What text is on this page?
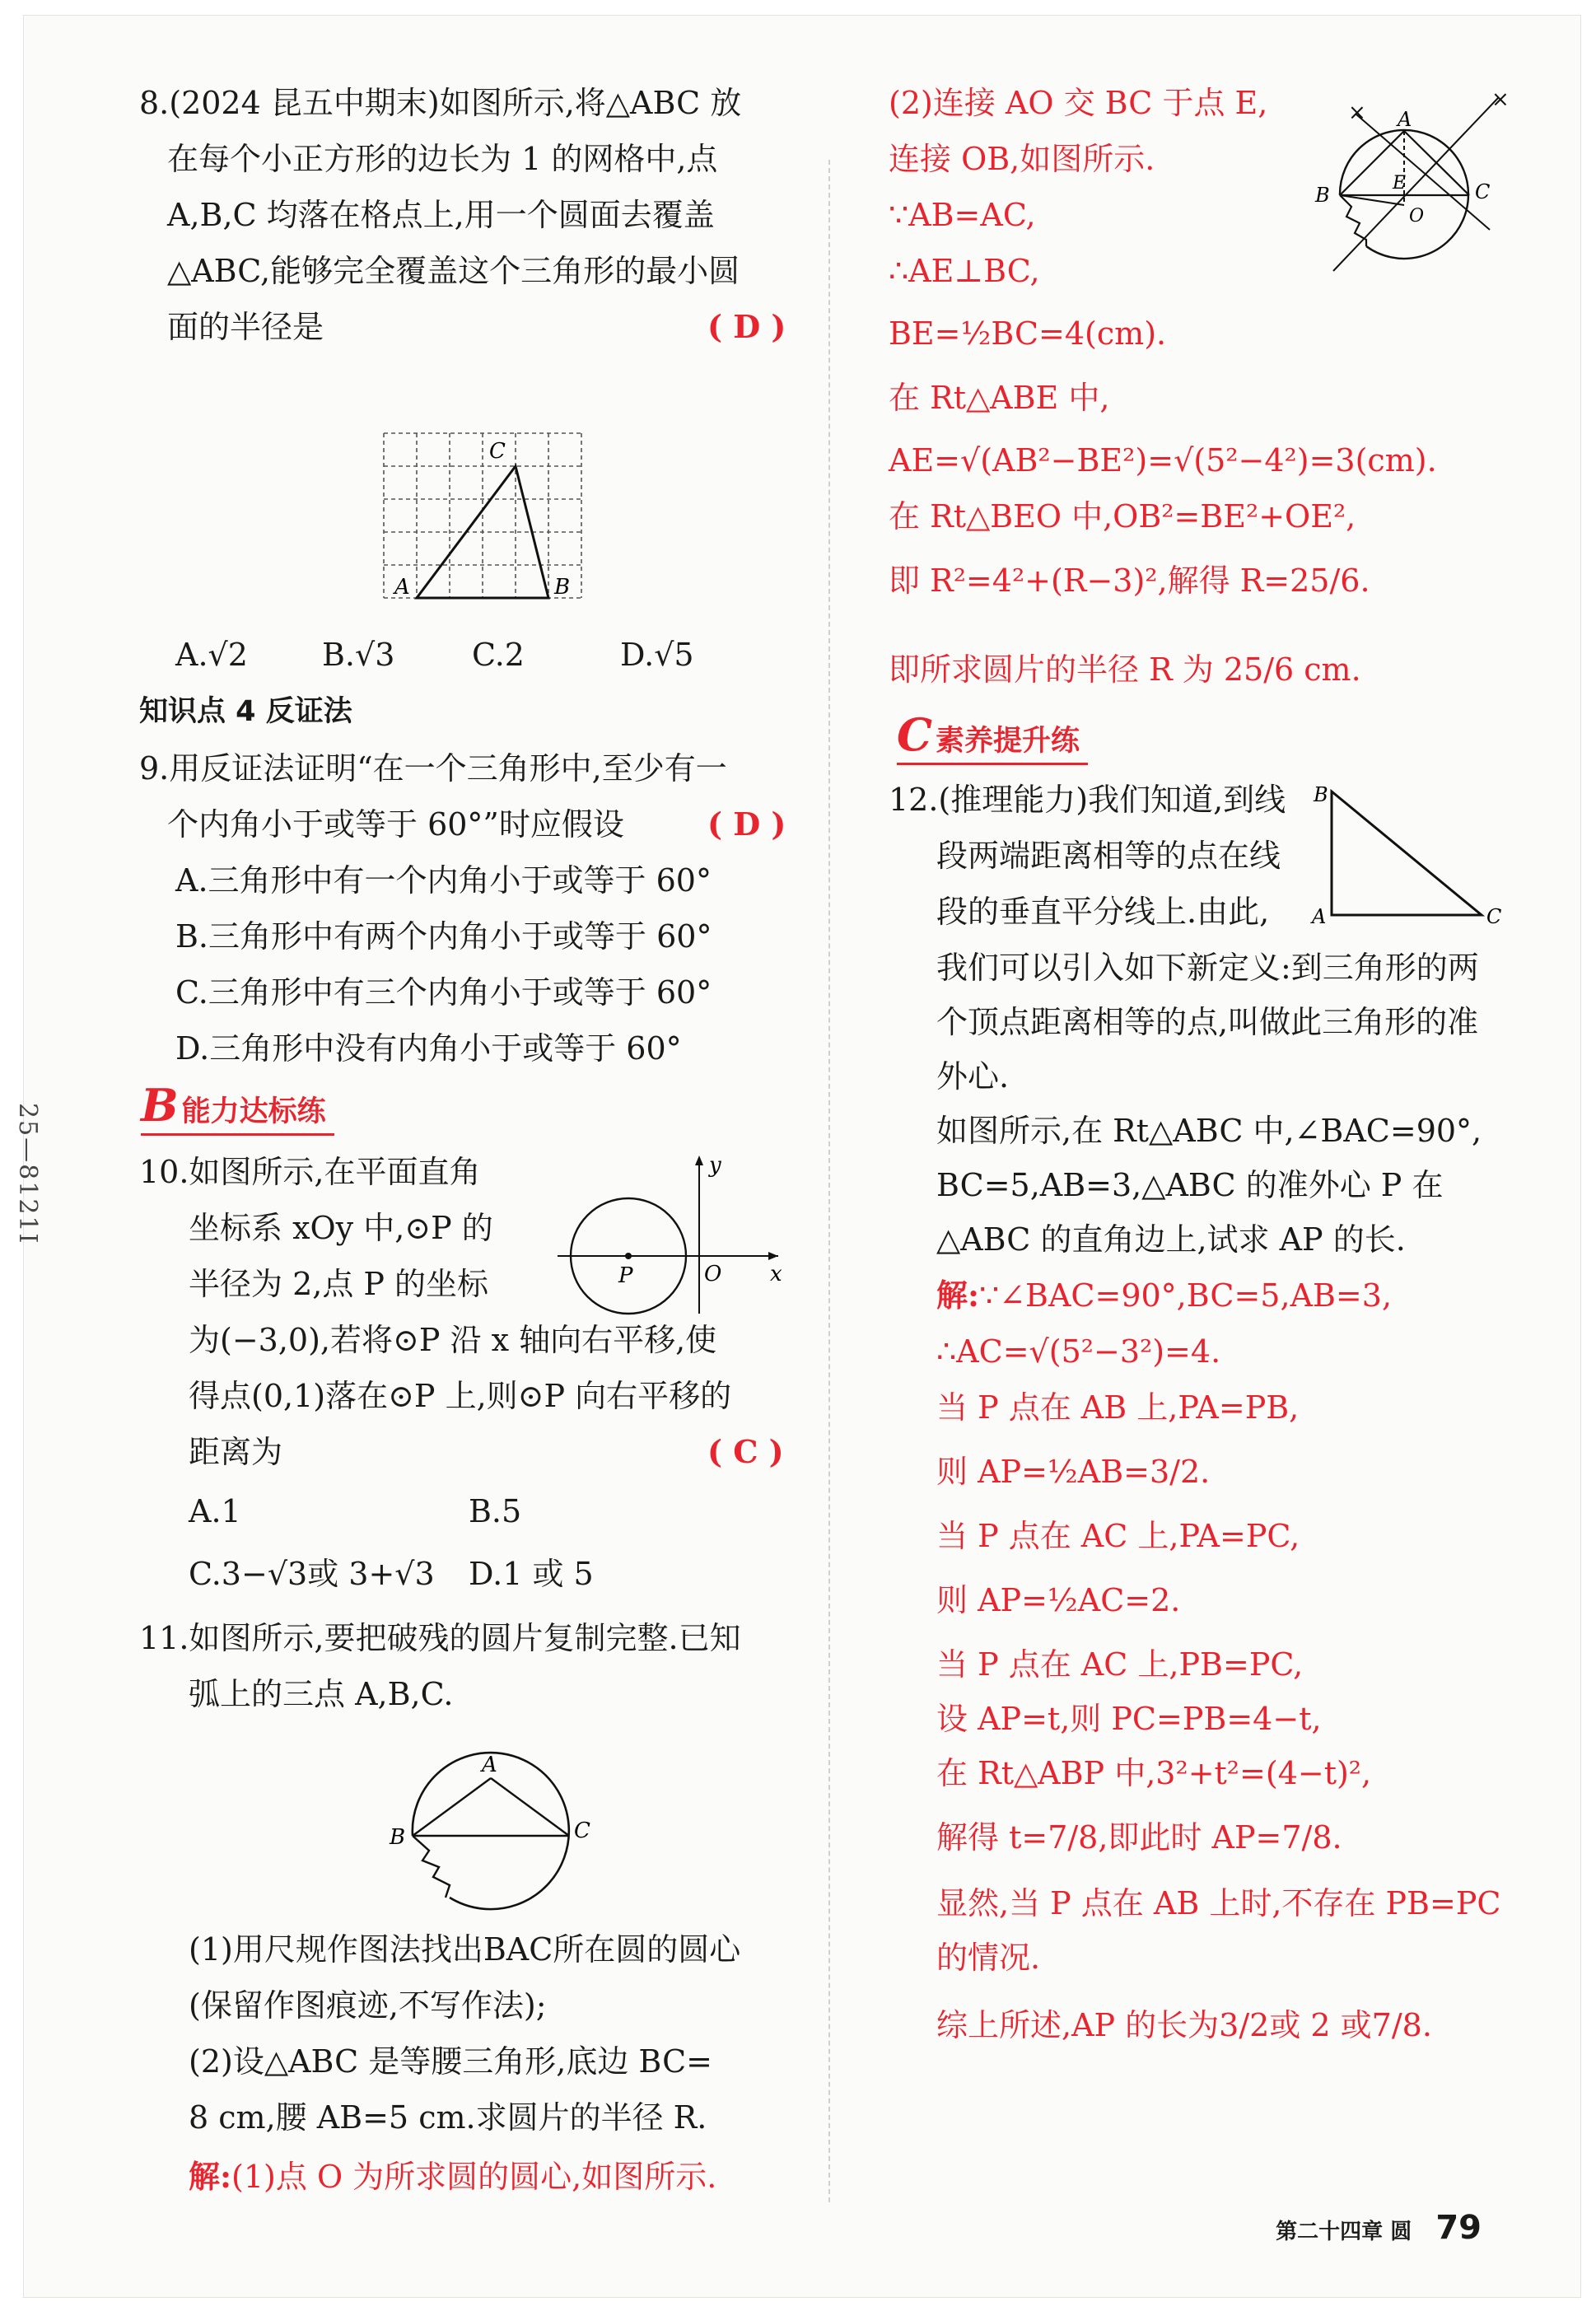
25—8121I
8.(2024 昆五中期末)如图所示,将△ABC 放
在每个小正方形的边长为 1 的网格中,点
A,B,C 均落在格点上,用一个圆面去覆盖
△ABC,能够完全覆盖这个三角形的最小圆
面的半径是	( D )
A	B
C
A.√2 B.√3 C.2	D.√5
知识点 4 反证法
9.用反证法证明“在一个三角形中,至少有一
个内角小于或等于 60°”时应假设	( D )
A.三角形中有一个内角小于或等于 60°
B.三角形中有两个内角小于或等于 60°
C.三角形中有三个内角小于或等于 60°
D.三角形中没有内角小于或等于 60°
B能力达标练
10.如图所示,在平面直角
坐标系 xOy 中,⊙P 的
半径为 2,点 P 的坐标
为(−3,0),若将⊙P 沿 x 轴向右平移,使
得点(0,1)落在⊙P 上,则⊙P 向右平移的
距离为	( C )
P	O x
y
A.1	B.5
C.3−√3或 3+√3 D.1 或 5
11.如图所示,要把破残的圆片复制完整.已知
弧上的三点 A,B,C.
A
B	C
(1)用尺规作图法找出BAC所在圆的圆心
(保留作图痕迹,不写作法);
(2)设△ABC 是等腰三角形,底边 BC=
8 cm,腰 AB=5 cm.求圆片的半径 R.
解:(1)点 O 为所求圆的圆心,如图所示.
(2)连接 AO 交 BC 于点 E,
连接 OB,如图所示.
∵AB=AC,
∴AE⊥BC,
BE=½BC=4(cm).
在 Rt△ABE 中,
AE=√(AB²−BE²)=√(5²−4²)=3(cm).
在 Rt△BEO 中,OB²=BE²+OE²,
即 R²=4²+(R−3)²,解得 R=25/6.
即所求圆片的半径 R 为 25/6 cm.
×
× A
B	C
E
O
C素养提升练
12.(推理能力)我们知道,到线
段两端距离相等的点在线
段的垂直平分线上.由此,
我们可以引入如下新定义:到三角形的两
个顶点距离相等的点,叫做此三角形的准
外心.
如图所示,在 Rt△ABC 中,∠BAC=90°,
BC=5,AB=3,△ABC 的准外心 P 在
△ABC 的直角边上,试求 AP 的长.
B
A	C
解:∵∠BAC=90°,BC=5,AB=3,
∴AC=√(5²−3²)=4.
当 P 点在 AB 上,PA=PB,
则 AP=½AB=3/2.
当 P 点在 AC 上,PA=PC,
则 AP=½AC=2.
当 P 点在 AC 上,PB=PC,
设 AP=t,则 PC=PB=4−t,
在 Rt△ABP 中,3²+t²=(4−t)²,
解得 t=7/8,即此时 AP=7/8.
显然,当 P 点在 AB 上时,不存在 PB=PC
的情况.
综上所述,AP 的长为3/2或 2 或7/8.
第二十四章 圆 79
